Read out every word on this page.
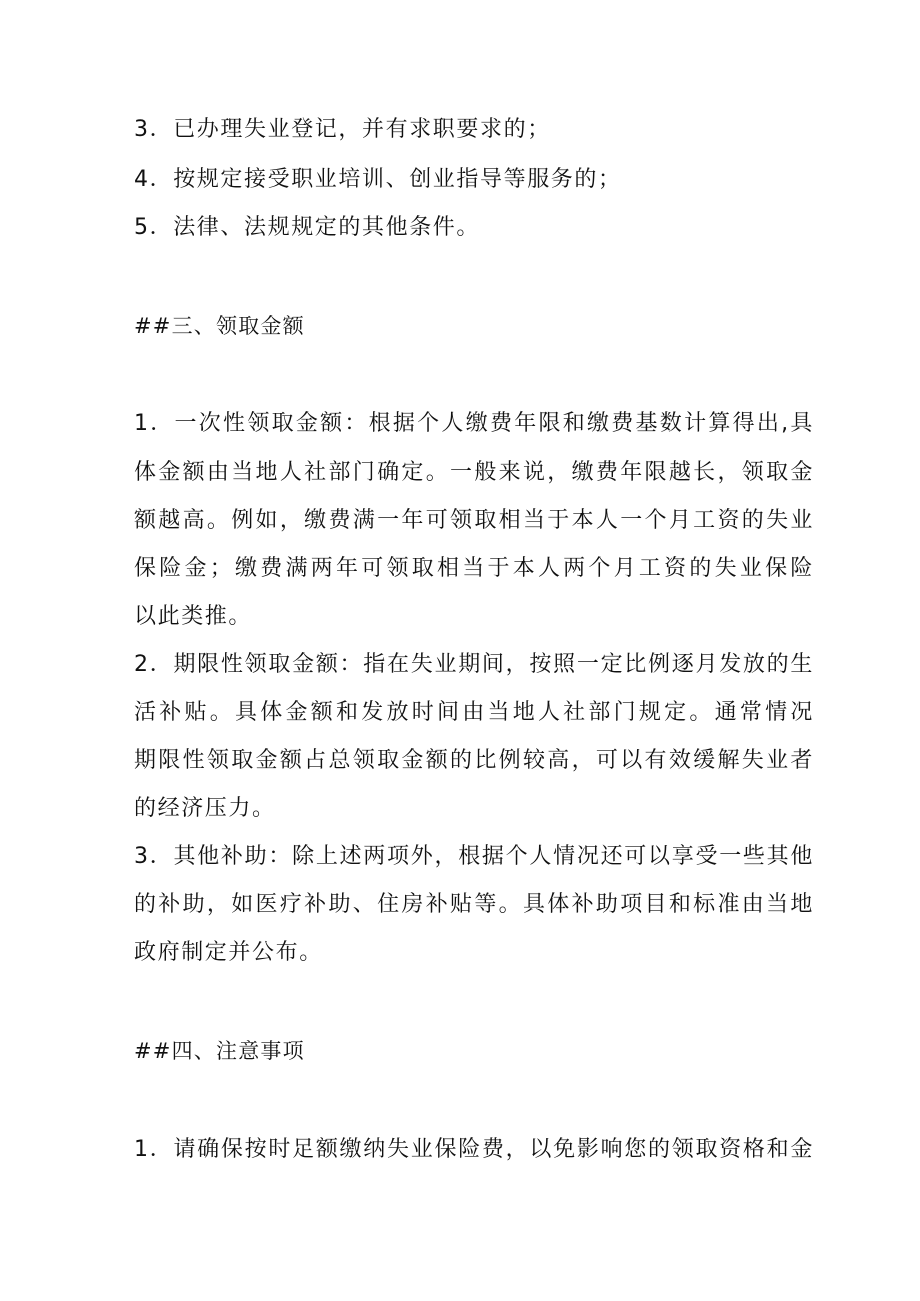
3．已办理失业登记，并有求职要求的；
4．按规定接受职业培训、创业指导等服务的；
5．法律、法规规定的其他条件。
##三、领取金额
1．一次性领取金额：根据个人缴费年限和缴费基数计算得出,具
体金额由当地人社部门确定。一般来说，缴费年限越长，领取金
额越高。例如，缴费满一年可领取相当于本人一个月工资的失业
保险金；缴费满两年可领取相当于本人两个月工资的失业保险
以此类推。
2．期限性领取金额：指在失业期间，按照一定比例逐月发放的生
活补贴。具体金额和发放时间由当地人社部门规定。通常情况
期限性领取金额占总领取金额的比例较高，可以有效缓解失业者
的经济压力。
3．其他补助：除上述两项外，根据个人情况还可以享受一些其他
的补助，如医疗补助、住房补贴等。具体补助项目和标准由当地
政府制定并公布。
##四、注意事项
1．请确保按时足额缴纳失业保险费，以免影响您的领取资格和金
